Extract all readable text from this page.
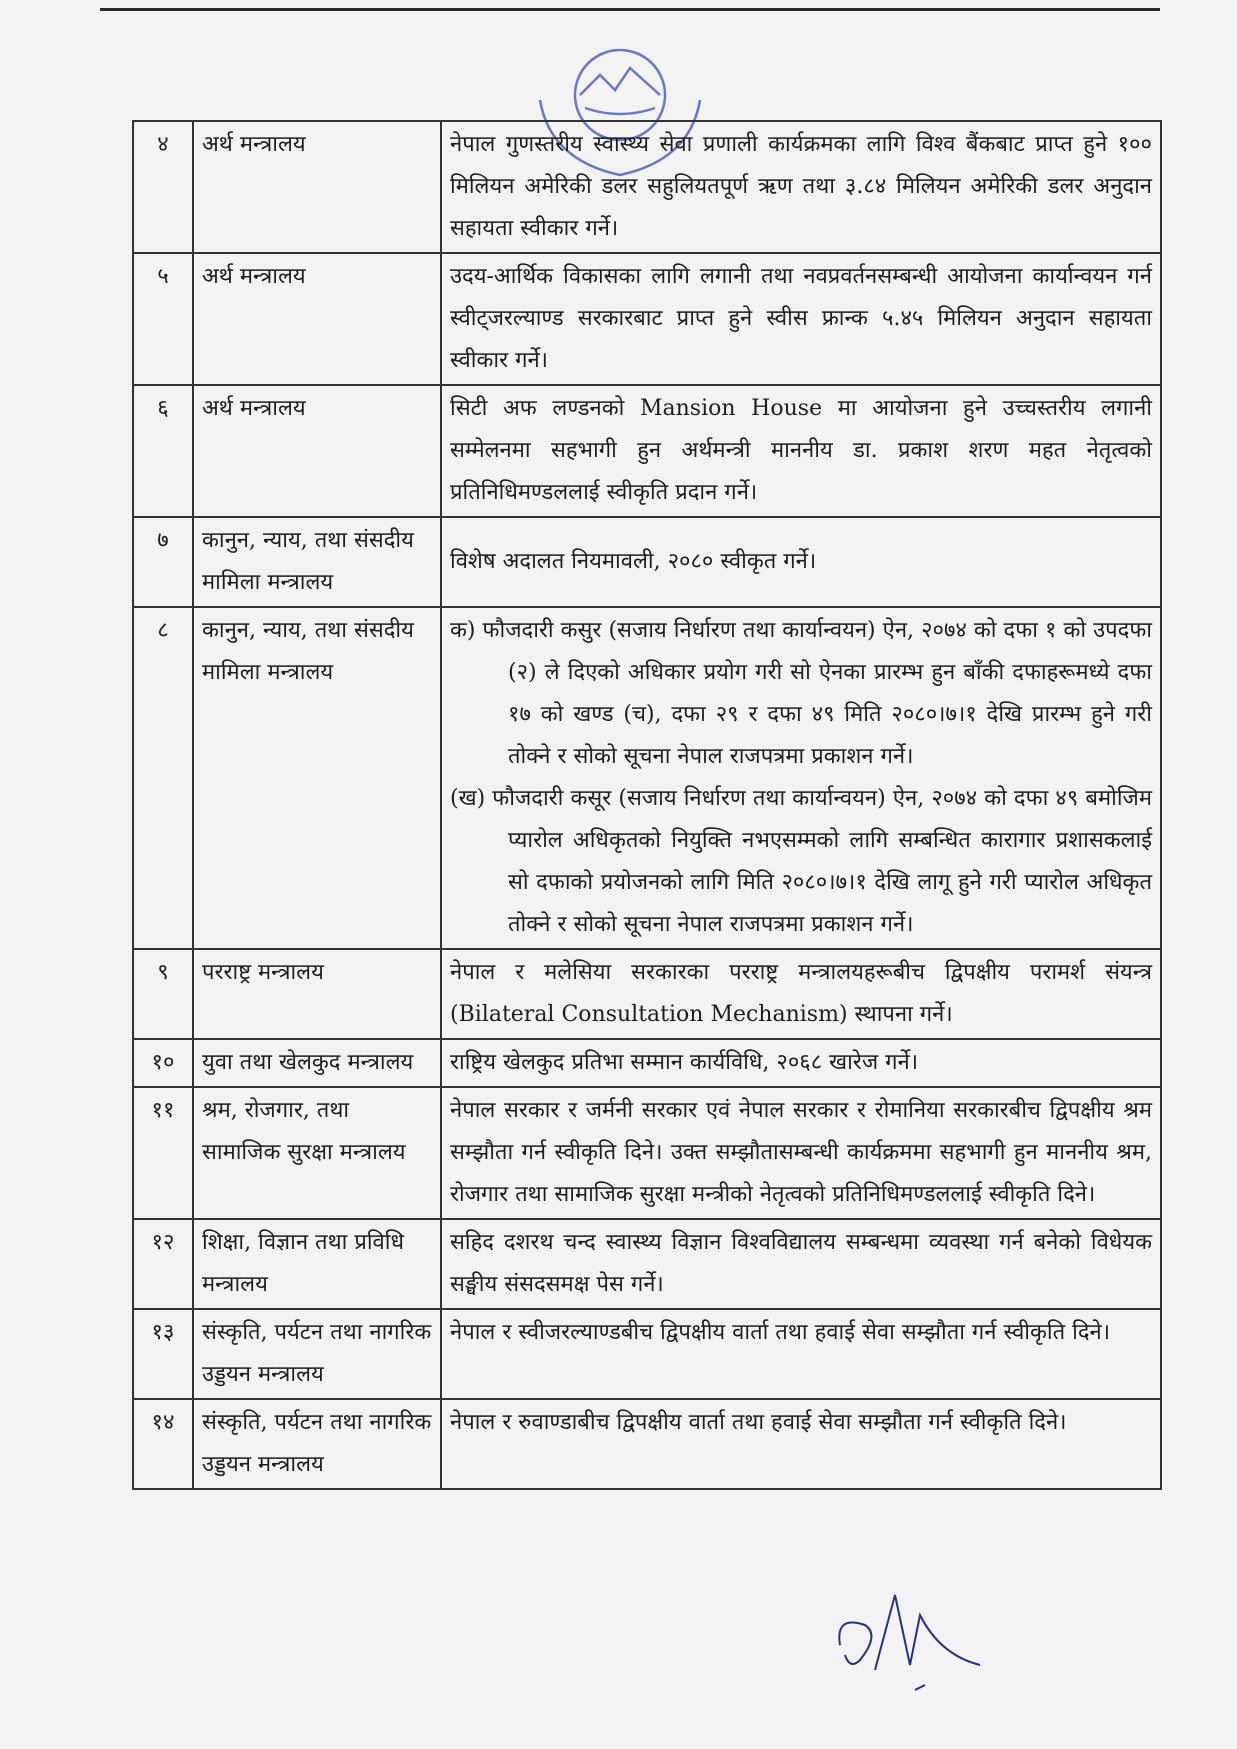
४	अर्थ मन्त्रालय	नेपाल गुणस्तरीय स्वास्थ्य सेवा प्रणाली कार्यक्रमका लागि विश्व बैंकबाट प्राप्त हुने १०० मिलियन अमेरिकी डलर सहुलियतपूर्ण ऋण तथा ३.८४ मिलियन अमेरिकी डलर अनुदान सहायता स्वीकार गर्ने।
५	अर्थ मन्त्रालय	उदय-आर्थिक विकासका लागि लगानी तथा नवप्रवर्तनसम्बन्धी आयोजना कार्यान्वयन गर्न स्वीट्जरल्याण्ड सरकारबाट प्राप्त हुने स्वीस फ्रान्क ५.४५ मिलियन अनुदान सहायता स्वीकार गर्ने।
६	अर्थ मन्त्रालय	सिटी अफ लण्डनको Mansion House मा आयोजना हुने उच्चस्तरीय लगानी सम्मेलनमा सहभागी हुन अर्थमन्त्री माननीय डा. प्रकाश शरण महत नेतृत्वको प्रतिनिधिमण्डललाई स्वीकृति प्रदान गर्ने।
७	कानुन, न्याय, तथा संसदीय मामिला मन्त्रालय	विशेष अदालत नियमावली, २०८० स्वीकृत गर्ने।
८	कानुन, न्याय, तथा संसदीय मामिला मन्त्रालय	क) फौजदारी कसुर (सजाय निर्धारण तथा कार्यान्वयन) ऐन, २०७४ को दफा १ को उपदफा (२) ले दिएको अधिकार प्रयोग गरी सो ऐनका प्रारम्भ हुन बाँकी दफाहरूमध्ये दफा १७ को खण्ड (च), दफा २९ र दफा ४९ मिति २०८०।७।१ देखि प्रारम्भ हुने गरी तोक्ने र सोको सूचना नेपाल राजपत्रमा प्रकाशन गर्ने।
(ख) फौजदारी कसूर (सजाय निर्धारण तथा कार्यान्वयन) ऐन, २०७४ को दफा ४९ बमोजिम प्यारोल अधिकृतको नियुक्ति नभएसम्मको लागि सम्बन्धित कारागार प्रशासकलाई सो दफाको प्रयोजनको लागि मिति २०८०।७।१ देखि लागू हुने गरी प्यारोल अधिकृत तोक्ने र सोको सूचना नेपाल राजपत्रमा प्रकाशन गर्ने।

९	परराष्ट्र मन्त्रालय	नेपाल र मलेसिया सरकारका परराष्ट्र मन्त्रालयहरूबीच द्विपक्षीय परामर्श संयन्त्र (Bilateral Consultation Mechanism) स्थापना गर्ने।
१०	युवा तथा खेलकुद मन्त्रालय	राष्ट्रिय खेलकुद प्रतिभा सम्मान कार्यविधि, २०६८ खारेज गर्ने।
११	श्रम, रोजगार, तथा सामाजिक सुरक्षा मन्त्रालय	नेपाल सरकार र जर्मनी सरकार एवं नेपाल सरकार र रोमानिया सरकारबीच द्विपक्षीय श्रम सम्झौता गर्न स्वीकृति दिने। उक्त सम्झौतासम्बन्धी कार्यक्रममा सहभागी हुन माननीय श्रम, रोजगार तथा सामाजिक सुरक्षा मन्त्रीको नेतृत्वको प्रतिनिधिमण्डललाई स्वीकृति दिने।
१२	शिक्षा, विज्ञान तथा प्रविधि मन्त्रालय	सहिद दशरथ चन्द स्वास्थ्य विज्ञान विश्वविद्यालय सम्बन्धमा व्यवस्था गर्न बनेको विधेयक सङ्घीय संसदसमक्ष पेस गर्ने।
१३	संस्कृति, पर्यटन तथा नागरिक उड्डयन मन्त्रालय	नेपाल र स्वीजरल्याण्डबीच द्विपक्षीय वार्ता तथा हवाई सेवा सम्झौता गर्न स्वीकृति दिने।
१४	संस्कृति, पर्यटन तथा नागरिक उड्डयन मन्त्रालय	नेपाल र रुवाण्डाबीच द्विपक्षीय वार्ता तथा हवाई सेवा सम्झौता गर्न स्वीकृति दिने।
